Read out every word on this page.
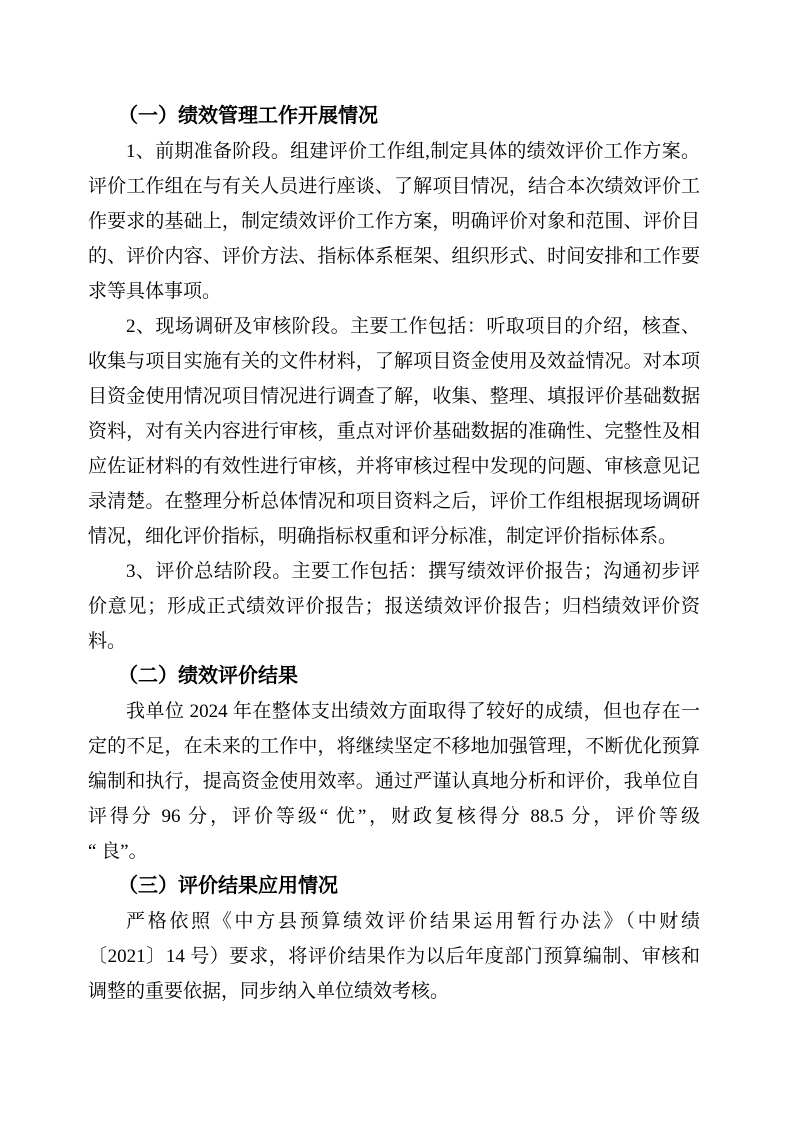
（一）绩效管理工作开展情况
1、前期准备阶段。组建评价工作组,制定具体的绩效评价工作方案。
评价工作组在与有关人员进行座谈、了解项目情况，结合本次绩效评价工
作要求的基础上，制定绩效评价工作方案，明确评价对象和范围、评价目
的、评价内容、评价方法、指标体系框架、组织形式、时间安排和工作要
求等具体事项。
2、现场调研及审核阶段。主要工作包括：听取项目的介绍，核查、
收集与项目实施有关的文件材料，了解项目资金使用及效益情况。对本项
目资金使用情况项目情况进行调查了解，收集、整理、填报评价基础数据
资料，对有关内容进行审核，重点对评价基础数据的准确性、完整性及相
应佐证材料的有效性进行审核，并将审核过程中发现的问题、审核意见记
录清楚。在整理分析总体情况和项目资料之后，评价工作组根据现场调研
情况，细化评价指标，明确指标权重和评分标准，制定评价指标体系。
3、评价总结阶段。主要工作包括：撰写绩效评价报告；沟通初步评
价意见；形成正式绩效评价报告；报送绩效评价报告；归档绩效评价资
料。
（二）绩效评价结果
我单位 2024 年在整体支出绩效方面取得了较好的成绩，但也存在一
定的不足，在未来的工作中，将继续坚定不移地加强管理，不断优化预算
编制和执行，提高资金使用效率。通过严谨认真地分析和评价，我单位自
评得分 96 分，评价等级“ 优”，财政复核得分 88.5 分，评价等级
“ 良”。
（三）评价结果应用情况
严格依照《中方县预算绩效评价结果运用暂行办法》（中财绩
〔2021〕14 号）要求，将评价结果作为以后年度部门预算编制、审核和
调整的重要依据，同步纳入单位绩效考核。
